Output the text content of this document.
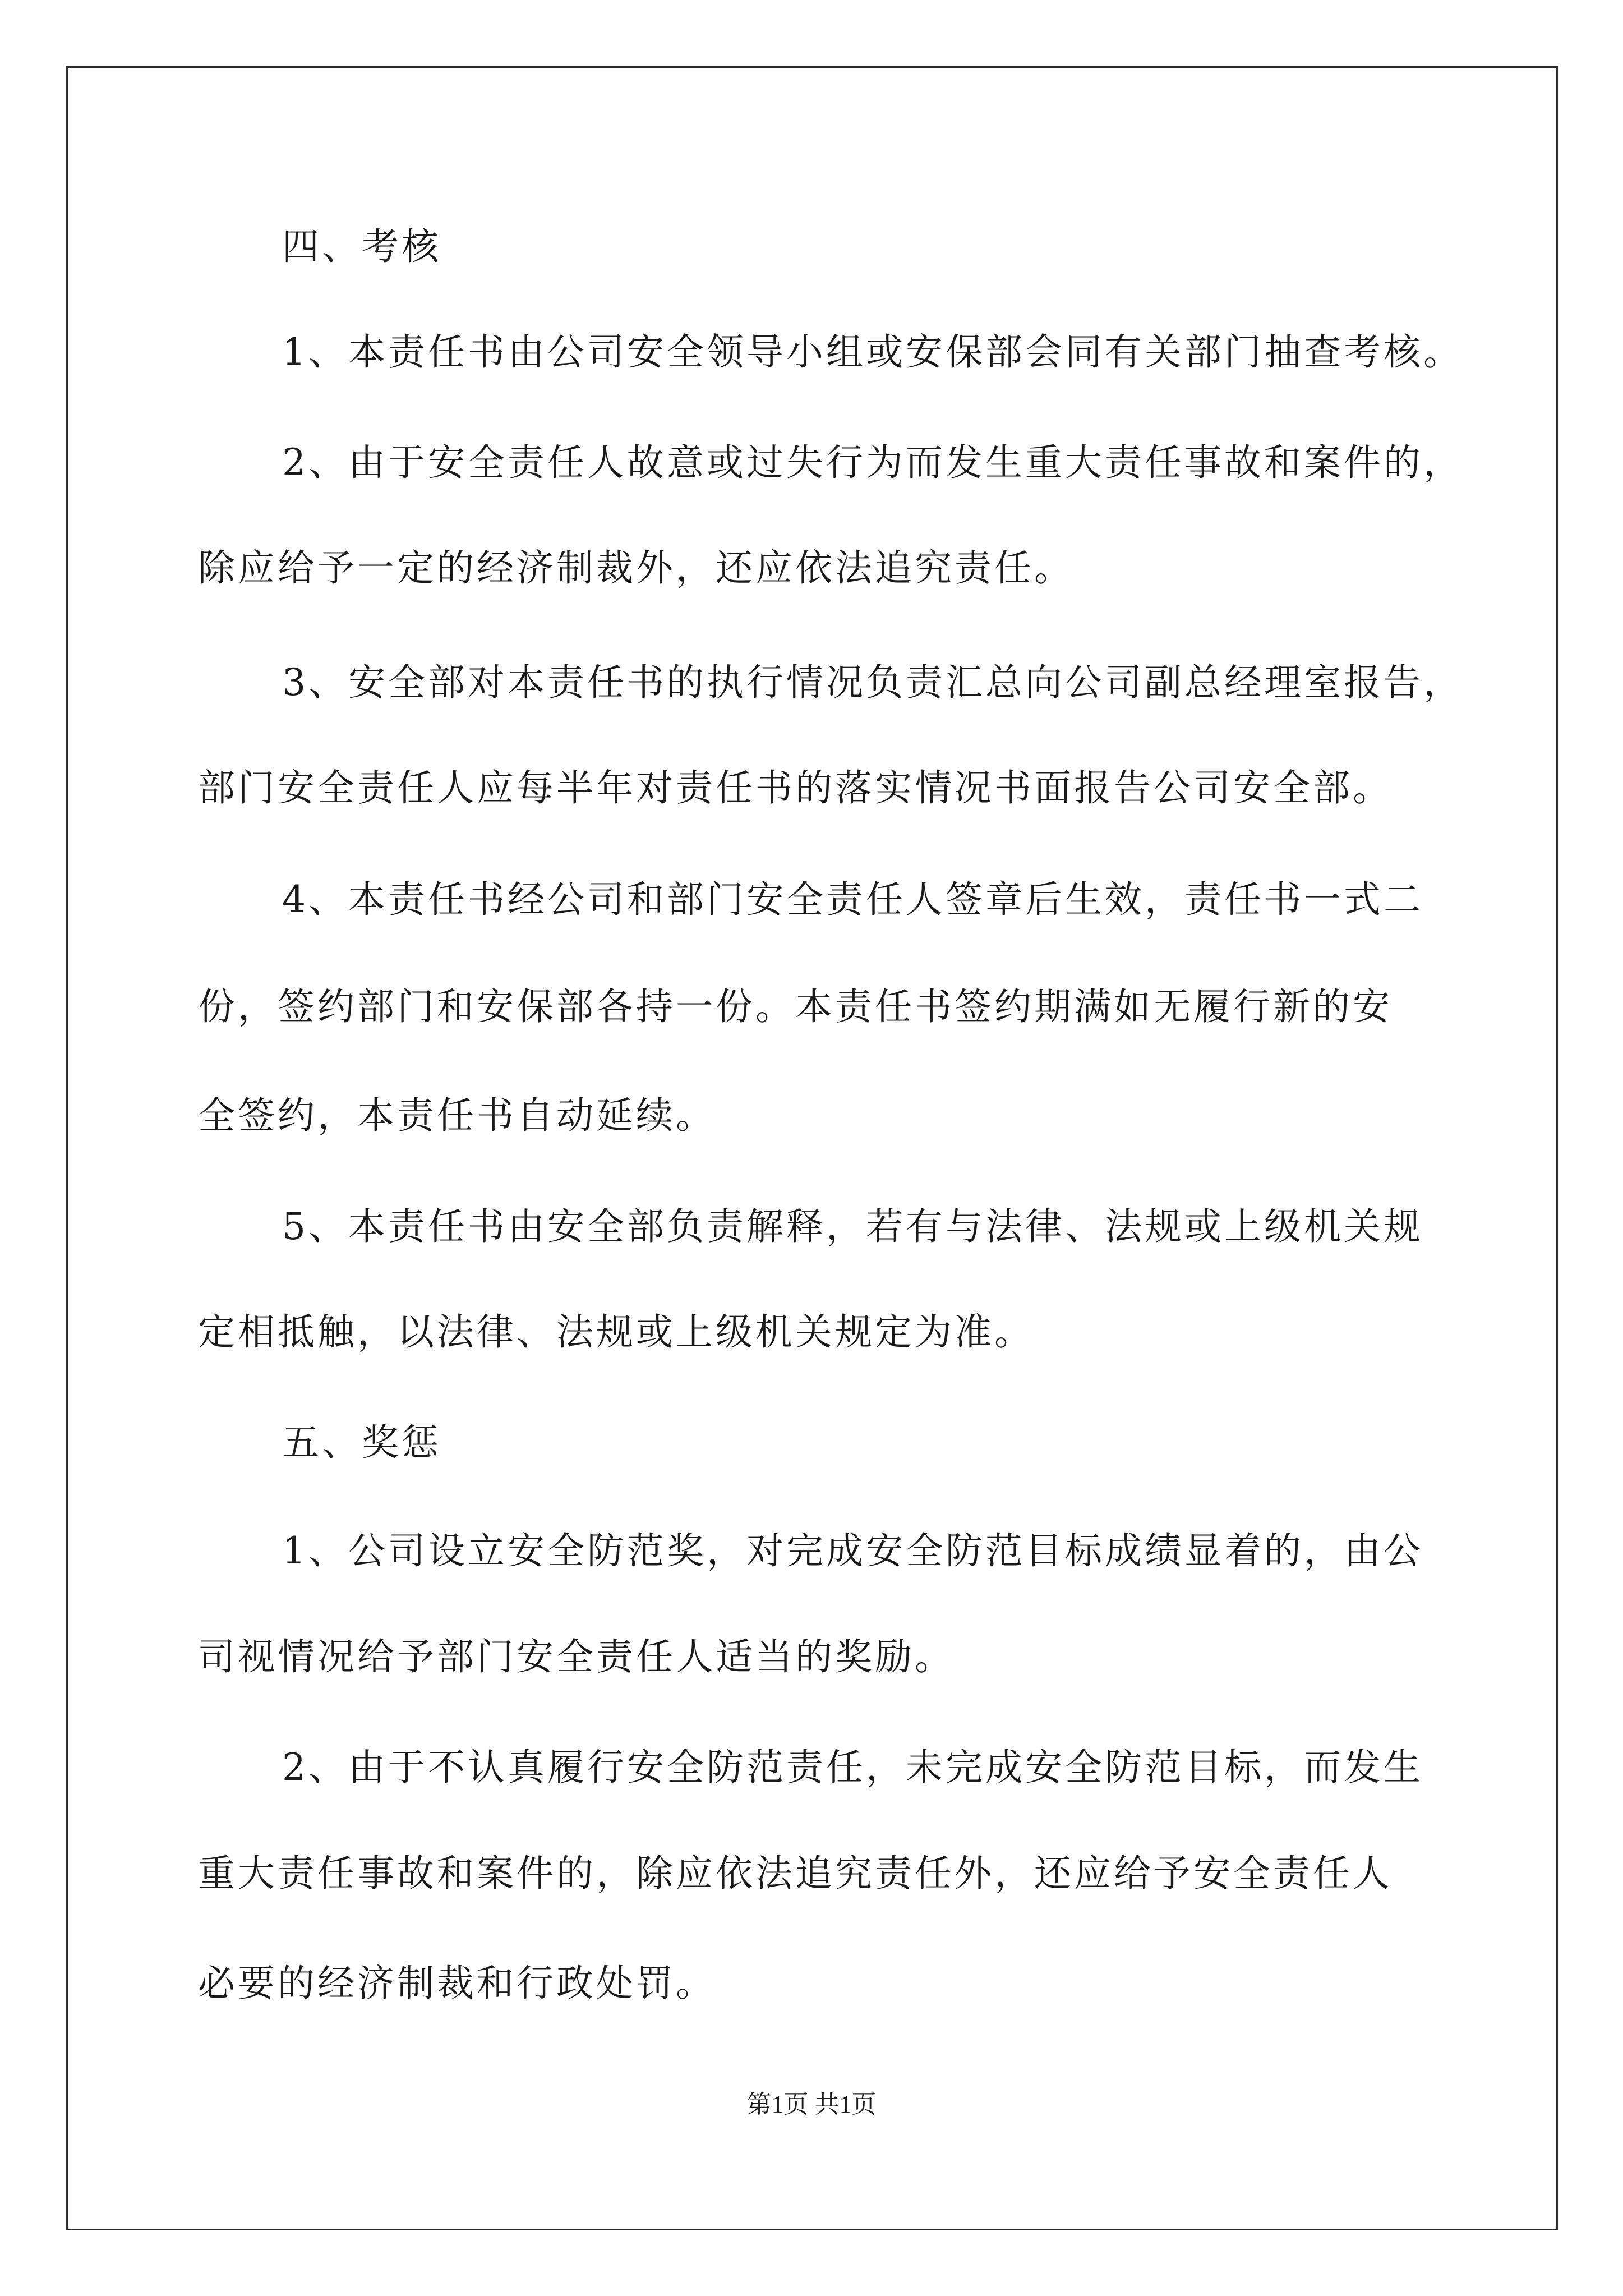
四、考核
1、本责任书由公司安全领导小组或安保部会同有关部门抽查考核。
2、由于安全责任人故意或过失行为而发生重大责任事故和案件的，
除应给予一定的经济制裁外，还应依法追究责任。
3、安全部对本责任书的执行情况负责汇总向公司副总经理室报告，
部门安全责任人应每半年对责任书的落实情况书面报告公司安全部。
4、本责任书经公司和部门安全责任人签章后生效，责任书一式二
份，签约部门和安保部各持一份。本责任书签约期满如无履行新的安
全签约，本责任书自动延续。
5、本责任书由安全部负责解释，若有与法律、法规或上级机关规
定相抵触，以法律、法规或上级机关规定为准。
五、奖惩
1、公司设立安全防范奖，对完成安全防范目标成绩显着的，由公
司视情况给予部门安全责任人适当的奖励。
2、由于不认真履行安全防范责任，未完成安全防范目标，而发生
重大责任事故和案件的，除应依法追究责任外，还应给予安全责任人
必要的经济制裁和行政处罚。
第1页 共1页
